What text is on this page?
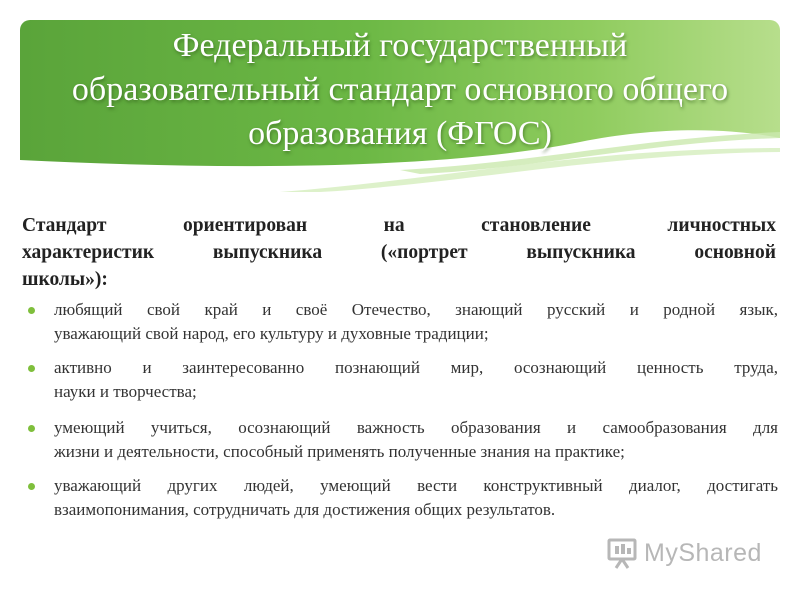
Федеральный государственный
образовательный стандарт основного общего
образования (ФГОС)

Стандарт ориентирован на становление личностных
характеристик выпускника («портрет выпускника основной
школы»):

любящий свой край и своё Отечество, знающий русский и родной язык,
уважающий свой народ, его культуру и духовные традиции;
активно и заинтересованно познающий мир, осознающий ценность труда,
науки и творчества;
умеющий учиться, осознающий важность образования и самообразования для
жизни и деятельности, способный применять полученные знания на практике;
уважающий других людей, умеющий вести конструктивный диалог, достигать
взаимопонимания, сотрудничать для достижения общих результатов.
MyShared
